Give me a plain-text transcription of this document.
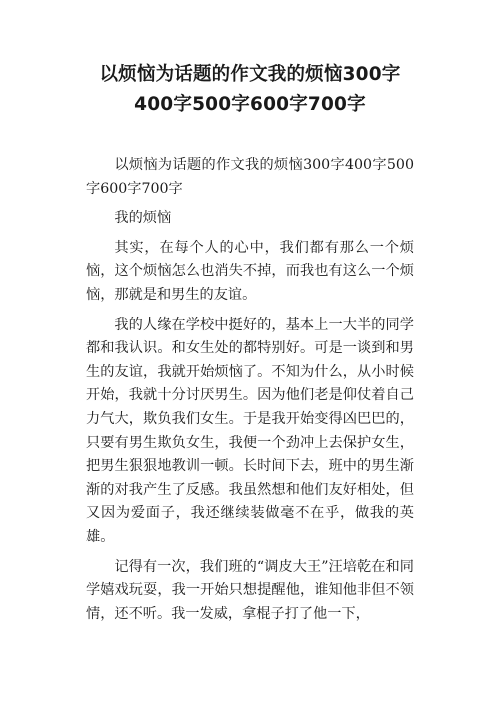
以烦恼为话题的作文我的烦恼300字
400字500字600字700字

以烦恼为话题的作文我的烦恼300字400字500字600字700字

我的烦恼

其实，在每个人的心中，我们都有那么一个烦恼，这个烦恼怎么也消失不掉，而我也有这么一个烦恼，那就是和男生的友谊。

我的人缘在学校中挺好的，基本上一大半的同学都和我认识。和女生处的都特别好。可是一谈到和男生的友谊，我就开始烦恼了。不知为什么，从小时候开始，我就十分讨厌男生。因为他们老是仰仗着自己力气大，欺负我们女生。于是我开始变得凶巴巴的，只要有男生欺负女生，我便一个劲冲上去保护女生，把男生狠狠地教训一顿。长时间下去，班中的男生渐渐的对我产生了反感。我虽然想和他们友好相处，但又因为爱面子，我还继续装做毫不在乎，做我的英雄。

记得有一次，我们班的“调皮大王”汪培乾在和同学嬉戏玩耍，我一开始只想提醒他，谁知他非但不领情，还不听。我一发威，拿棍子打了他一下，
